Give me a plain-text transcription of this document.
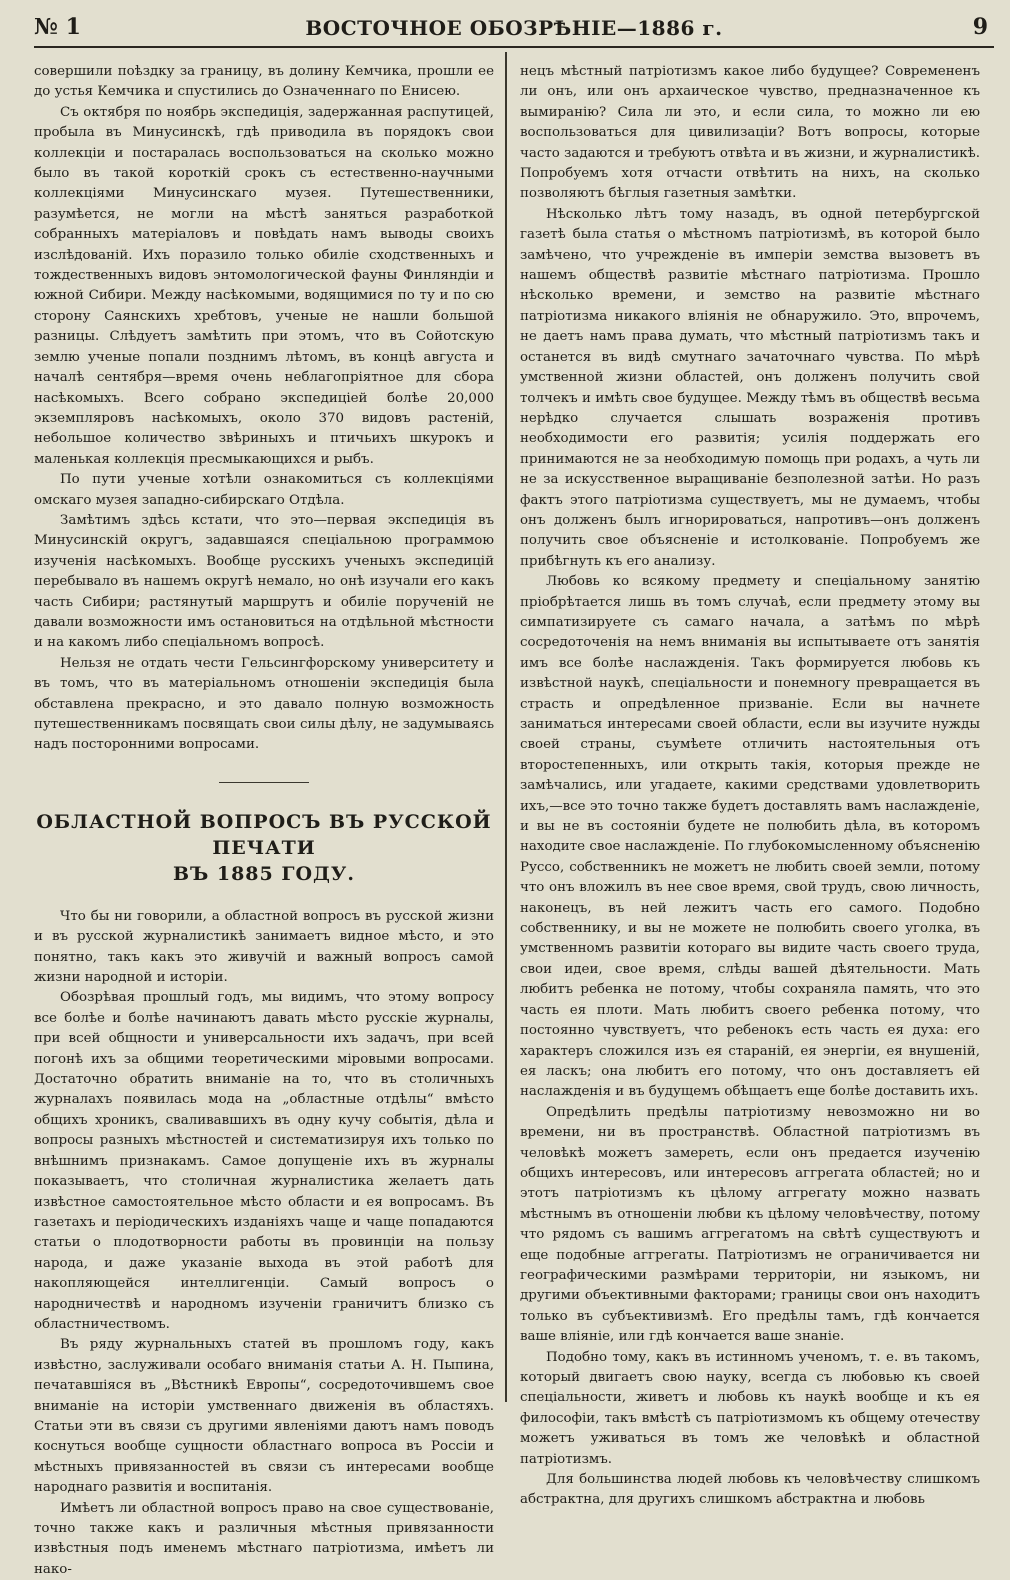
№ 1	ВОСТОЧНОЕ ОБОЗРѢНІЕ—1886 г.	9

совершили поѣздку за границу, въ долину Кемчика, прошли ее до устья Кемчика и спустились до Означеннаго по Енисею.

Съ октября по ноябрь экспедиція, задержанная распутицей, пробыла въ Минусинскѣ, гдѣ приводила въ порядокъ свои коллекціи и постаралась воспользоваться на сколько можно было въ такой короткій срокъ съ естественно-научными коллекціями Минусинскаго музея. Путешественники, разумѣется, не могли на мѣстѣ заняться разработкой собранныхъ матеріаловъ и повѣдать намъ выводы своихъ изслѣдованій. Ихъ поразило только обиліе сходственныхъ и тождественныхъ видовъ энтомологической фауны Финляндіи и южной Сибири. Между насѣкомыми, водящимися по ту и по сю сторону Саянскихъ хребтовъ, ученые не нашли большой разницы. Слѣдуетъ замѣтить при этомъ, что въ Сойотскую землю ученые попали позднимъ лѣтомъ, въ концѣ августа и началѣ сентября—время очень неблагопріятное для сбора насѣкомыхъ. Всего собрано экспедиціей болѣе 20,000 экземпляровъ насѣкомыхъ, около 370 видовъ растеній, небольшое количество звѣриныхъ и птичьихъ шкурокъ и маленькая коллекція пресмыкающихся и рыбъ.

По пути ученые хотѣли ознакомиться съ коллекціями омскаго музея западно-сибирскаго Отдѣла.

Замѣтимъ здѣсь кстати, что это—первая экспедиція въ Минусинскій округъ, задавшаяся спеціальною программою изученія насѣкомыхъ. Вообще русскихъ ученыхъ экспедицій перебывало въ нашемъ округѣ немало, но онѣ изучали его какъ часть Сибири; растянутый маршрутъ и обиліе порученій не давали возможности имъ остановиться на отдѣльной мѣстности и на какомъ либо спеціальномъ вопросѣ.

Нельзя не отдать чести Гельсингфорскому университету и въ томъ, что въ матеріальномъ отношеніи экспедиція была обставлена прекрасно, и это давало полную возможность путешественникамъ посвящать свои силы дѣлу, не задумываясь надъ посторонними вопросами.

ОБЛАСТНОЙ ВОПРОСЪ ВЪ РУССКОЙ ПЕЧАТИ
ВЪ 1885 ГОДУ.

Что бы ни говорили, а областной вопросъ въ русской жизни и въ русской журналистикѣ занимаетъ видное мѣсто, и это понятно, такъ какъ это живучій и важный вопросъ самой жизни народной и исторіи.

Обозрѣвая прошлый годъ, мы видимъ, что этому вопросу все болѣе и болѣе начинаютъ давать мѣсто русскіе журналы, при всей общности и универсальности ихъ задачъ, при всей погонѣ ихъ за общими теоретическими міровыми вопросами. Достаточно обратить вниманіе на то, что въ столичныхъ журналахъ появилась мода на „областные отдѣлы“ вмѣсто общихъ хроникъ, сваливавшихъ въ одну кучу событія, дѣла и вопросы разныхъ мѣстностей и систематизируя ихъ только по внѣшнимъ признакамъ. Самое допущеніе ихъ въ журналы показываетъ, что столичная журналистика желаетъ дать извѣстное самостоятельное мѣсто области и ея вопросамъ. Въ газетахъ и періодическихъ изданіяхъ чаще и чаще попадаются статьи о плодотворности работы въ провинціи на пользу народа, и даже указаніе выхода въ этой работѣ для накопляющейся интеллигенціи. Самый вопросъ о народничествѣ и народномъ изученіи граничитъ близко съ областничествомъ.

Въ ряду журнальныхъ статей въ прошломъ году, какъ извѣстно, заслуживали особаго вниманія статьи А. Н. Пыпина, печатавшіяся въ „Вѣстникѣ Европы“, сосредоточившемъ свое вниманіе на исторіи умственнаго движенія въ областяхъ. Статьи эти въ связи съ другими явленіями даютъ намъ поводъ коснуться вообще сущности областнаго вопроса въ Россіи и мѣстныхъ привязанностей въ связи съ интересами вообще народнаго развитія и воспитанія.

Имѣетъ ли областной вопросъ право на свое существованіе, точно также какъ и различныя мѣстныя привязанности извѣстныя подъ именемъ мѣстнаго патріотизма, имѣетъ ли нако-

нецъ мѣстный патріотизмъ какое либо будущее? Современенъ ли онъ, или онъ архаическое чувство, предназначенное къ вымиранію? Сила ли это, и если сила, то можно ли ею воспользоваться для цивилизаціи? Вотъ вопросы, которые часто задаются и требуютъ отвѣта и въ жизни, и журналистикѣ. Попробуемъ хотя отчасти отвѣтить на нихъ, на сколько позволяютъ бѣглыя газетныя замѣтки.

Нѣсколько лѣтъ тому назадъ, въ одной петербургской газетѣ была статья о мѣстномъ патріотизмѣ, въ которой было замѣчено, что учрежденіе въ имперіи земства вызоветъ въ нашемъ обществѣ развитіе мѣстнаго патріотизма. Прошло нѣсколько времени, и земство на развитіе мѣстнаго патріотизма никакого вліянія не обнаружило. Это, впрочемъ, не даетъ намъ права думать, что мѣстный патріотизмъ такъ и останется въ видѣ смутнаго зачаточнаго чувства. По мѣрѣ умственной жизни областей, онъ долженъ получить свой толчекъ и имѣть свое будущее. Между тѣмъ въ обществѣ весьма нерѣдко случается слышать возраженія противъ необходимости его развитія; усилія поддержать его принимаются не за необходимую помощь при родахъ, а чуть ли не за искусственное выращиваніе безполезной затѣи. Но разъ фактъ этого патріотизма существуетъ, мы не думаемъ, чтобы онъ долженъ былъ игнорироваться, напротивъ—онъ долженъ получить свое объясненіе и истолкованіе. Попробуемъ же прибѣгнуть къ его анализу.

Любовь ко всякому предмету и спеціальному занятію пріобрѣтается лишь въ томъ случаѣ, если предмету этому вы симпатизируете съ самаго начала, а затѣмъ по мѣрѣ сосредоточенія на немъ вниманія вы испытываете отъ занятія имъ все болѣе наслажденія. Такъ формируется любовь къ извѣстной наукѣ, спеціальности и понемногу превращается въ страсть и опредѣленное призваніе. Если вы начнете заниматься интересами своей области, если вы изучите нужды своей страны, съумѣете отличить настоятельныя отъ второстепенныхъ, или открыть такія, которыя прежде не замѣчались, или угадаете, какими средствами удовлетворить ихъ,—все это точно также будетъ доставлять вамъ наслажденіе, и вы не въ состояніи будете не полюбить дѣла, въ которомъ находите свое наслажденіе. По глубокомысленному объясненію Руссо, собственникъ не можетъ не любить своей земли, потому что онъ вложилъ въ нее свое время, свой трудъ, свою личность, наконецъ, въ ней лежитъ часть его самого. Подобно собственнику, и вы не можете не полюбить своего уголка, въ умственномъ развитіи котораго вы видите часть своего труда, свои идеи, свое время, слѣды вашей дѣятельности. Мать любитъ ребенка не потому, чтобы сохраняла память, что это часть ея плоти. Мать любитъ своего ребенка потому, что постоянно чувствуетъ, что ребенокъ есть часть ея духа: его характеръ сложился изъ ея стараній, ея энергіи, ея внушеній, ея ласкъ; она любитъ его потому, что онъ доставляетъ ей наслажденія и въ будущемъ обѣщаетъ еще болѣе доставить ихъ.

Опредѣлить предѣлы патріотизму невозможно ни во времени, ни въ пространствѣ. Областной патріотизмъ въ человѣкѣ можетъ замереть, если онъ предается изученію общихъ интересовъ, или интересовъ аггрегата областей; но и этотъ патріотизмъ къ цѣлому аггрегату можно назвать мѣстнымъ въ отношеніи любви къ цѣлому человѣчеству, потому что рядомъ съ вашимъ аггрегатомъ на свѣтѣ существуютъ и еще подобные аггрегаты. Патріотизмъ не ограничивается ни географическими размѣрами территоріи, ни языкомъ, ни другими объективными факторами; границы свои онъ находитъ только въ субъективизмѣ. Его предѣлы тамъ, гдѣ кончается ваше вліяніе, или гдѣ кончается ваше знаніе.

Подобно тому, какъ въ истинномъ ученомъ, т. е. въ такомъ, который двигаетъ свою науку, всегда съ любовью къ своей спеціальности, живетъ и любовь къ наукѣ вообще и къ ея философіи, такъ вмѣстѣ съ патріотизмомъ къ общему отечеству можетъ уживаться въ томъ же человѣкѣ и областной патріотизмъ.

Для большинства людей любовь къ человѣчеству слишкомъ абстрактна, для другихъ слишкомъ абстрактна и любовь
